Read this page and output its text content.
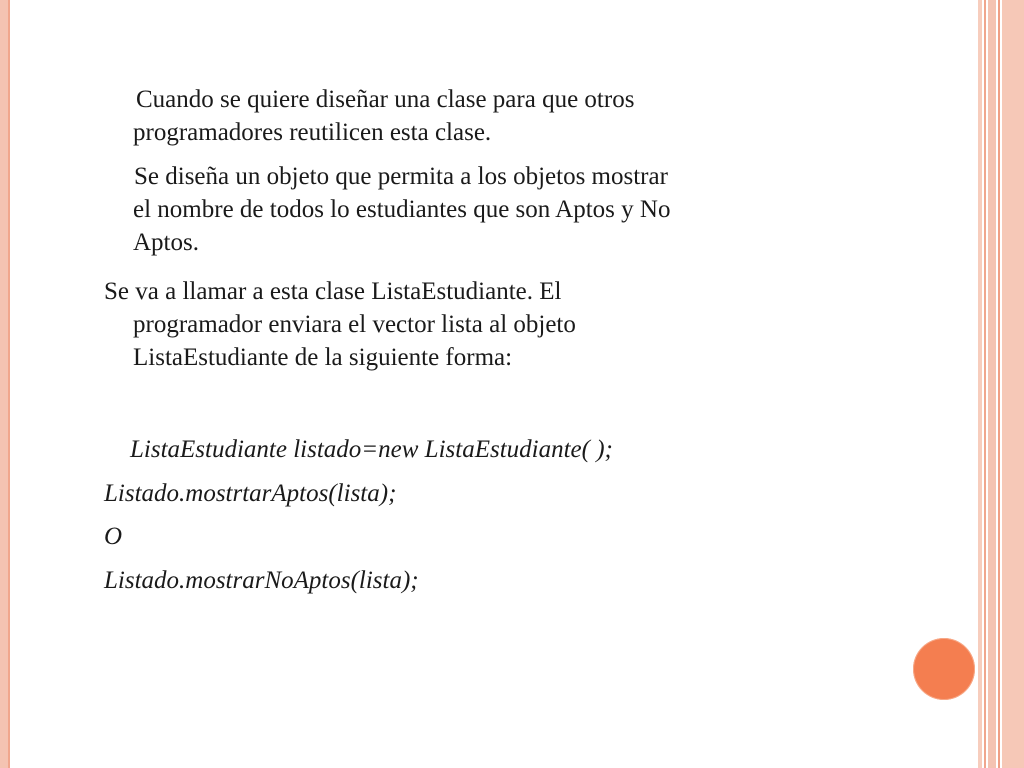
Cuando se quiere diseñar una clase para que otros
programadores reutilicen esta clase.

Se diseña un objeto que permita a los objetos mostrar
el nombre de todos lo estudiantes que son Aptos y No
Aptos.

Se va a llamar a esta clase ListaEstudiante. El
programador enviara el vector lista al objeto
ListaEstudiante de la siguiente forma:

ListaEstudiante listado=new ListaEstudiante( );

Listado.mostrtarAptos(lista);

O

Listado.mostrarNoAptos(lista);
